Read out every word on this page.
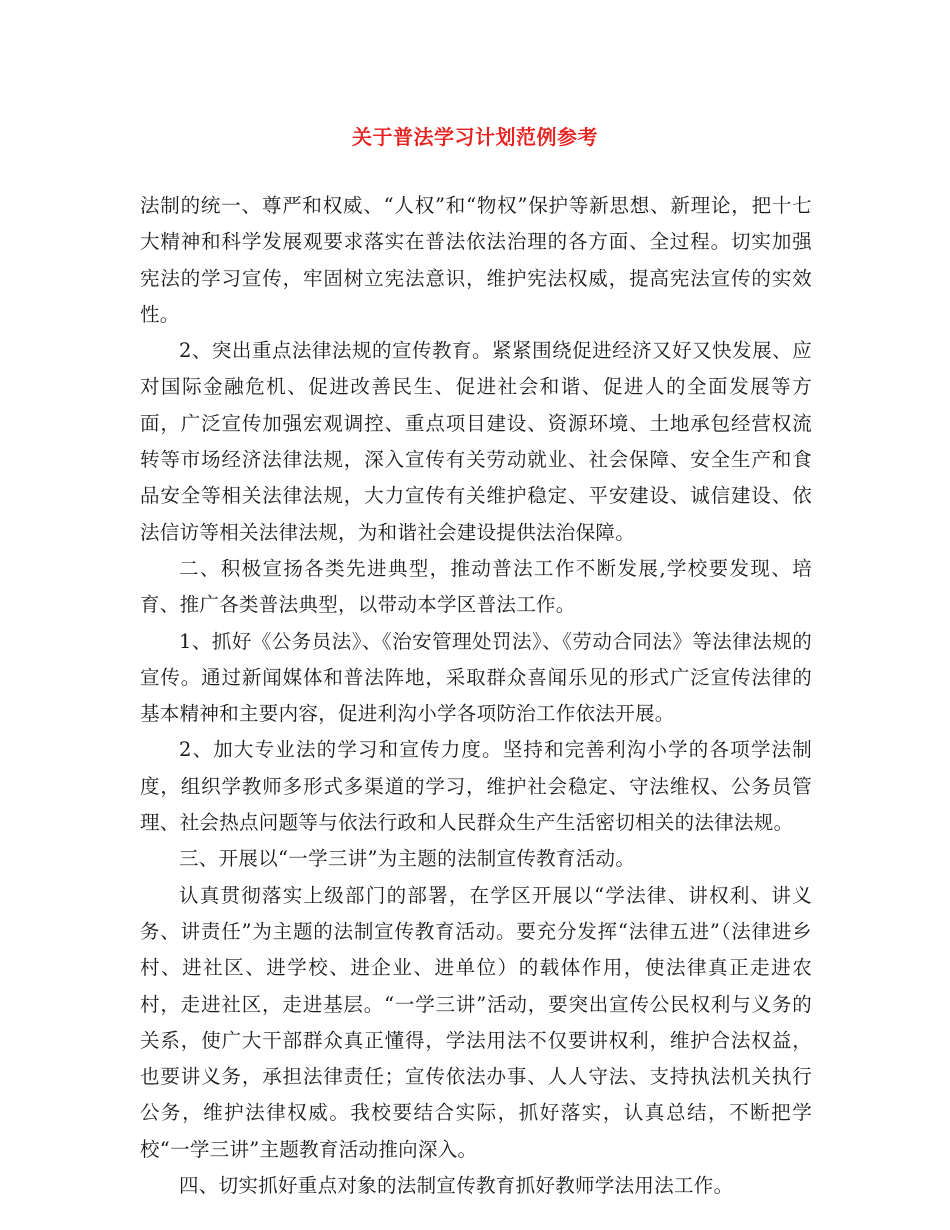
关于普法学习计划范例参考

法制的统一、尊严和权威、“人权”和“物权”保护等新思想、新理论，把十七大精神和科学发展观要求落实在普法依法治理的各方面、全过程。切实加强宪法的学习宣传，牢固树立宪法意识，维护宪法权威，提高宪法宣传的实效性。

2、突出重点法律法规的宣传教育。紧紧围绕促进经济又好又快发展、应对国际金融危机、促进改善民生、促进社会和谐、促进人的全面发展等方面，广泛宣传加强宏观调控、重点项目建设、资源环境、土地承包经营权流转等市场经济法律法规，深入宣传有关劳动就业、社会保障、安全生产和食品安全等相关法律法规，大力宣传有关维护稳定、平安建设、诚信建设、依法信访等相关法律法规，为和谐社会建设提供法治保障。

二、积极宣扬各类先进典型，推动普法工作不断发展,学校要发现、培育、推广各类普法典型，以带动本学区普法工作。

1、抓好《公务员法》、《治安管理处罚法》、《劳动合同法》等法律法规的宣传。通过新闻媒体和普法阵地，采取群众喜闻乐见的形式广泛宣传法律的基本精神和主要内容，促进利沟小学各项防治工作依法开展。

2、加大专业法的学习和宣传力度。坚持和完善利沟小学的各项学法制度，组织学教师多形式多渠道的学习，维护社会稳定、守法维权、公务员管理、社会热点问题等与依法行政和人民群众生产生活密切相关的法律法规。

三、开展以“一学三讲”为主题的法制宣传教育活动。

认真贯彻落实上级部门的部署，在学区开展以“学法律、讲权利、讲义务、讲责任”为主题的法制宣传教育活动。要充分发挥“法律五进”（法律进乡村、进社区、进学校、进企业、进单位）的载体作用，使法律真正走进农村，走进社区，走进基层。“一学三讲”活动，要突出宣传公民权利与义务的关系，使广大干部群众真正懂得，学法用法不仅要讲权利，维护合法权益，也要讲义务，承担法律责任；宣传依法办事、人人守法、支持执法机关执行公务，维护法律权威。我校要结合实际，抓好落实，认真总结，不断把学校“一学三讲”主题教育活动推向深入。

四、切实抓好重点对象的法制宣传教育抓好教师学法用法工作。
